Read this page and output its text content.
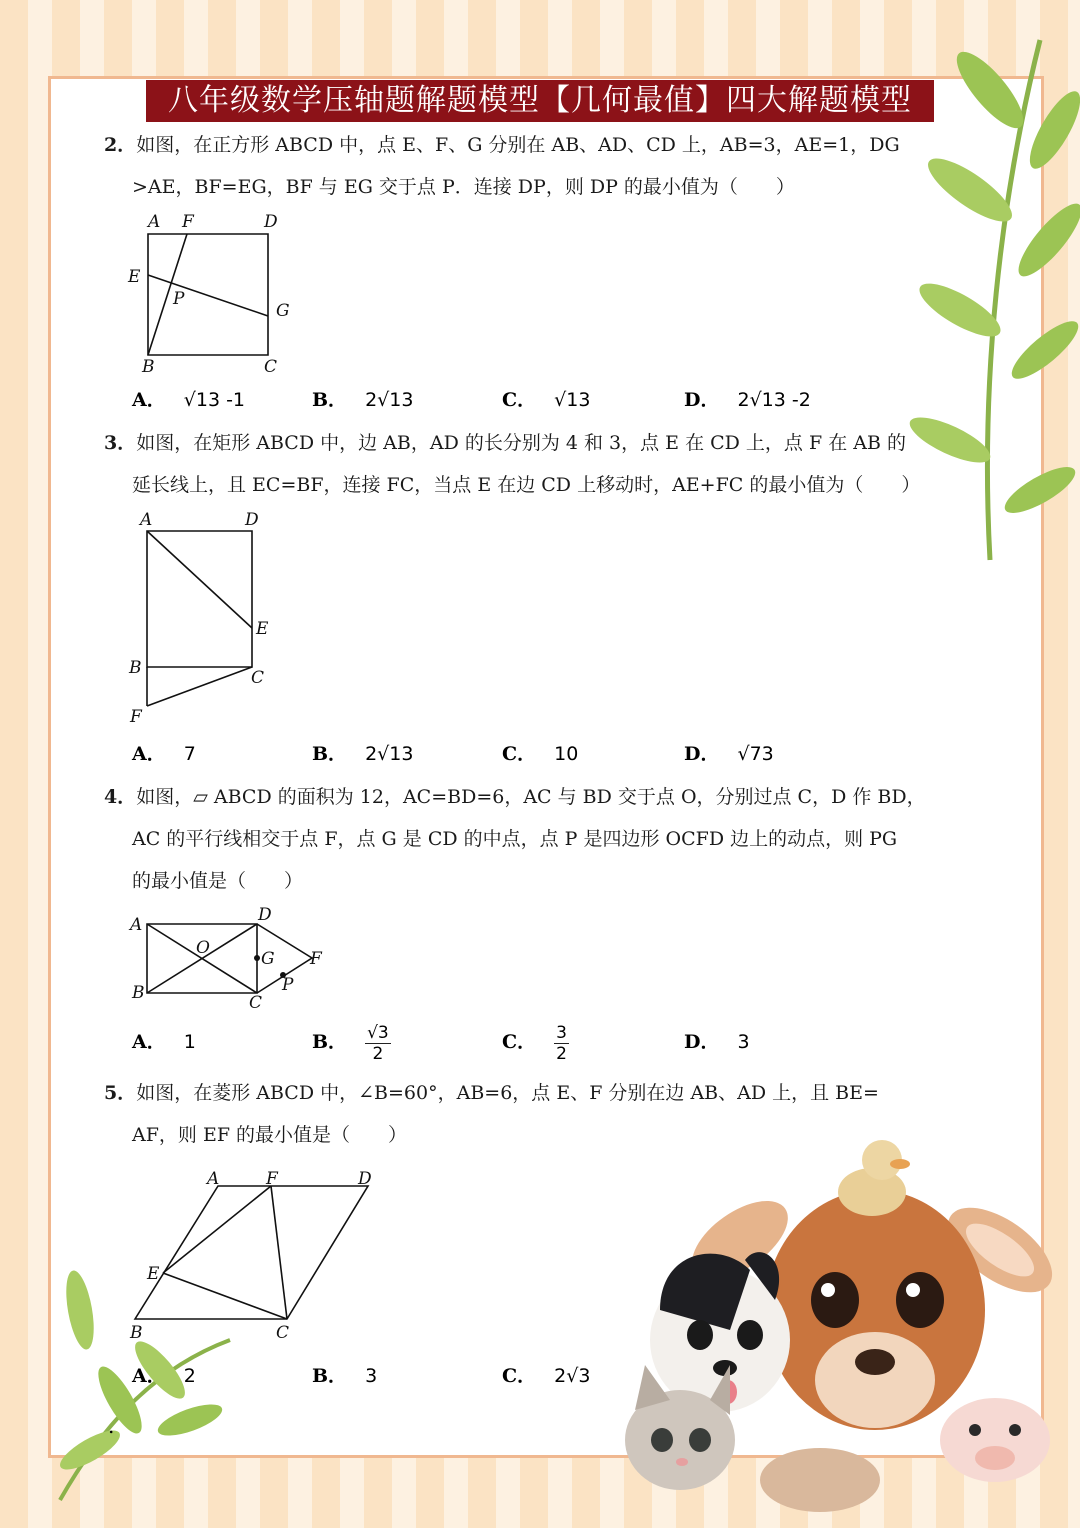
八年级数学压轴题解题模型【几何最值】四大解题模型
2．如图，在正方形 ABCD 中，点 E、F、G 分别在 AB、AD、CD 上，AB=3，AE=1，DG
>AE，BF=EG，BF 与 EG 交于点 P．连接 DP，则 DP 的最小值为（　　）
A F	D
E
P
G
B	C
A． √13 -1	B． 2√13	C． √13	D． 2√13 -2
3．如图，在矩形 ABCD 中，边 AB，AD 的长分别为 4 和 3，点 E 在 CD 上，点 F 在 AB 的
延长线上，且 EC=BF，连接 FC，当点 E 在边 CD 上移动时，AE+FC 的最小值为（　　）
A	D
E
B	C
F
A． 7	B． 2√13	C． 10	D． √73
4．如图，▱ ABCD 的面积为 12，AC=BD=6，AC 与 BD 交于点 O，分别过点 C，D 作 BD，
AC 的平行线相交于点 F，点 G 是 CD 的中点，点 P 是四边形 OCFD 边上的动点，则 PG
的最小值是（　　）
A	D
O
G F
B	C
P
A． 1	B． $\frac{√3}{2}$	C． $\frac{3}{2}$	D． 3
5．如图，在菱形 ABCD 中，∠B=60°，AB=6，点 E、F 分别在边 AB、AD 上，且 BE=
AF，则 EF 的最小值是（　　）
A	F	D
E
B	C
A． 2	B． 3	C． 2√3
.
